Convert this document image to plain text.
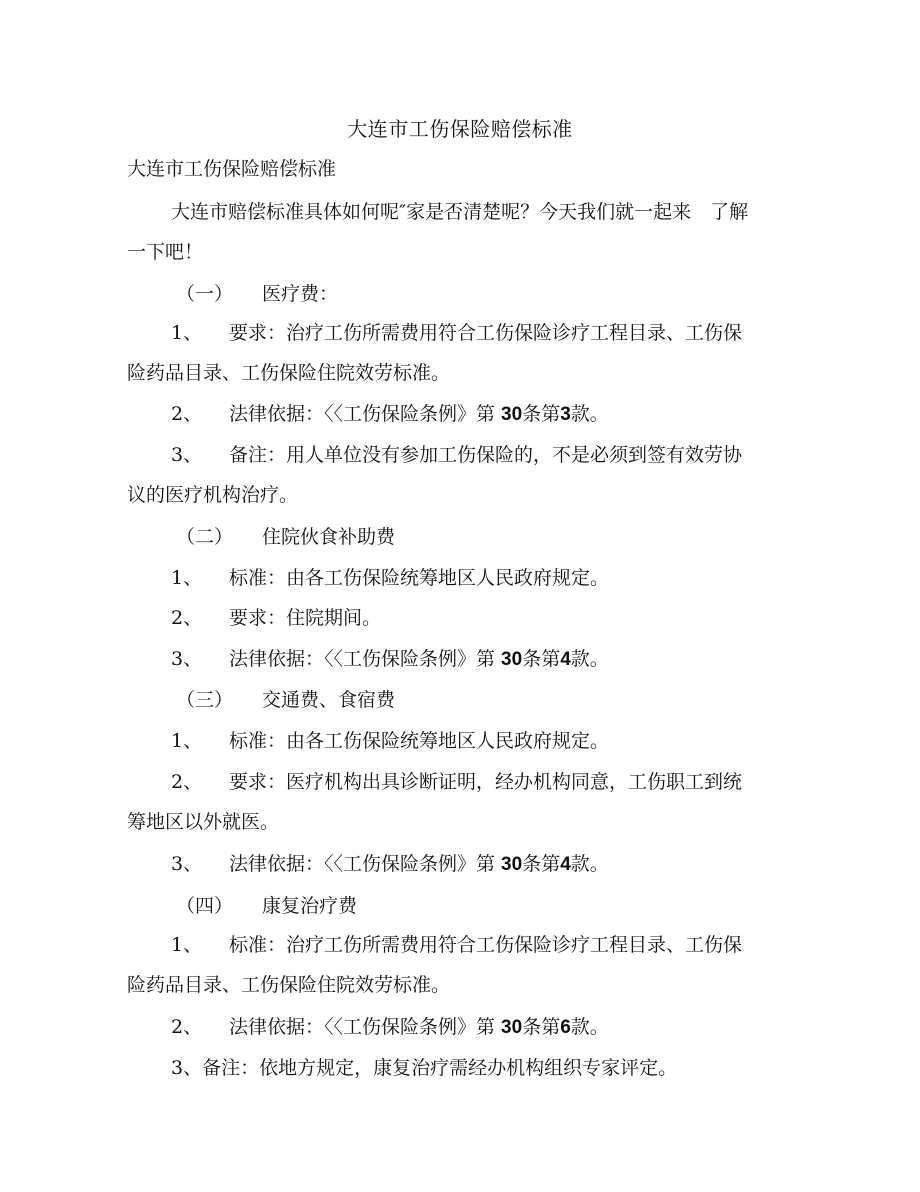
大连市工伤保险赔偿标准
大连市工伤保险赔偿标准
大连市赔偿标准具体如何呢″家是否清楚呢？今天我们就一起来　了解
一下吧！
（一） 医疗费：
1、 要求：治疗工伤所需费用符合工伤保险诊疗工程目录、工伤保
险药品目录、工伤保险住院效劳标准。
2、 法律依据：〈〈工伤保险条例》第 30条第3款。
3、 备注：用人单位没有参加工伤保险的，不是必须到签有效劳协
议的医疗机构治疗。
（二） 住院伙食补助费
1、 标准：由各工伤保险统筹地区人民政府规定。
2、 要求：住院期间。
3、 法律依据：〈〈工伤保险条例》第 30条第4款。
（三） 交通费、食宿费
1、 标准：由各工伤保险统筹地区人民政府规定。
2、 要求：医疗机构出具诊断证明，经办机构同意，工伤职工到统
筹地区以外就医。
3、 法律依据：〈〈工伤保险条例》第 30条第4款。
（四） 康复治疗费
1、 标准：治疗工伤所需费用符合工伤保险诊疗工程目录、工伤保
险药品目录、工伤保险住院效劳标准。
2、 法律依据：〈〈工伤保险条例》第 30条第6款。
3、备注：依地方规定，康复治疗需经办机构组织专家评定。
